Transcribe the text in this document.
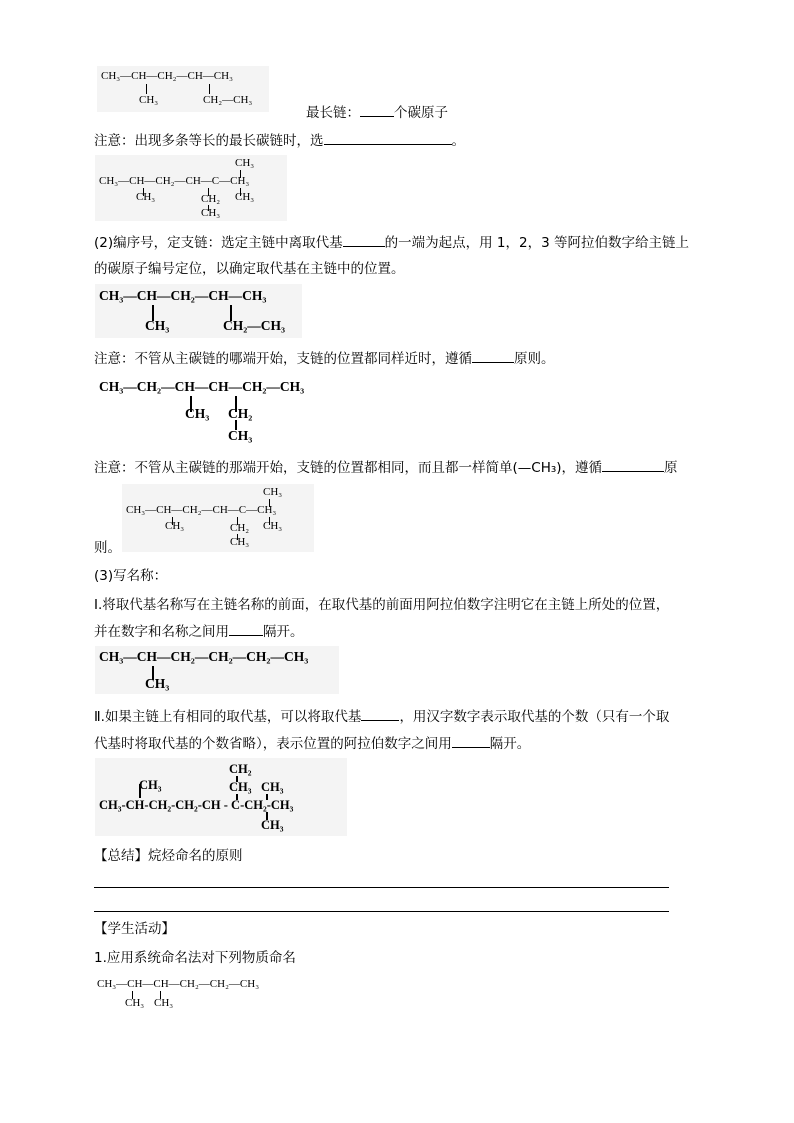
CH₃—CH—CH₂—CH—CH₃
CH₃	CH₂—CH₃
最长链：	个碳原子
注意：出现多条等长的最长碳链时，选	。
CH₃
CH₃—CH—CH₂—CH—C—CH₃
CH₃	CH₂ CH₃
CH₃
(2)编序号，定支链：选定主链中离取代基	的一端为起点，用 1，2，3 等阿拉伯数字给主链上
的碳原子编号定位，以确定取代基在主链中的位置。
CH₃—CH—CH₂—CH—CH₃
CH₃	CH₂—CH₃
注意：不管从主碳链的哪端开始，支链的位置都同样近时，遵循	原则。
CH₃—CH₂—CH—CH—CH₂—CH₃
CH₃ CH₂
CH₃
注意：不管从主碳链的那端开始，支链的位置都相同，而且都一样简单(—CH₃)，遵循	原
CH₃
CH₃—CH—CH₂—CH—C—CH₃
CH₃	CH₂ CH₃
CH₃
则。
(3)写名称：
Ⅰ.将取代基名称写在主链名称的前面，在取代基的前面用阿拉伯数字注明它在主链上所处的位置，
并在数字和名称之间用	隔开。
CH₃—CH—CH₂—CH₂—CH₂—CH₃
CH₃
Ⅱ.如果主链上有相同的取代基，可以将取代基	，用汉字数字表示取代基的个数（只有一个取
代基时将取代基的个数省略），表示位置的阿拉伯数字之间用	隔开。
CH₂
CH₃	CH₃ CH₃
CH₃-CH-CH₂-CH₂-CH - C-CH₂-CH₃
CH₃
【总结】烷烃命名的原则
【学生活动】
1.应用系统命名法对下列物质命名
CH₃—CH—CH—CH₂—CH₂—CH₃
CH₃ CH₃
